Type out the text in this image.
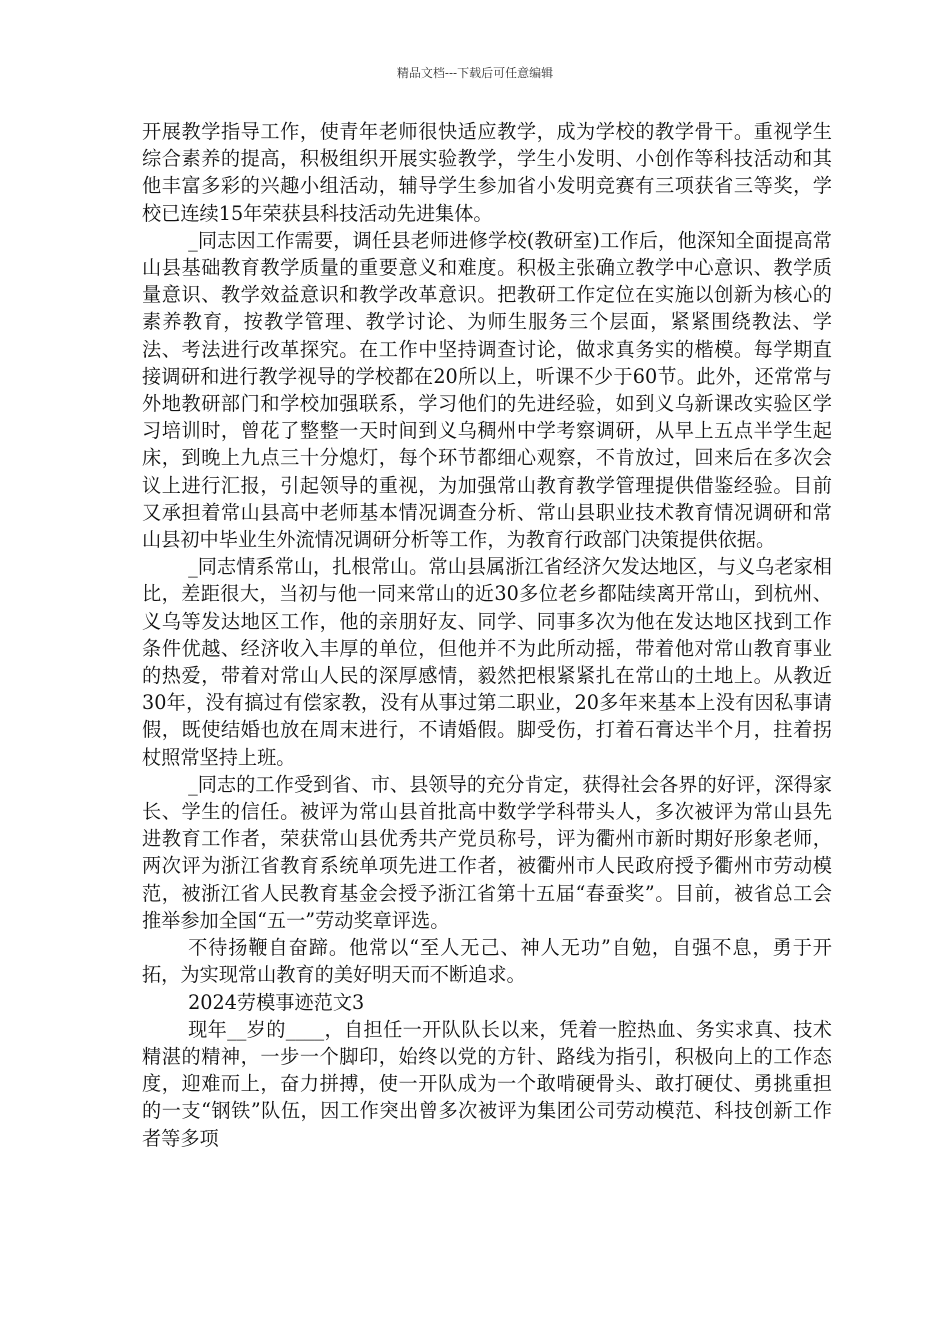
精品文档---下载后可任意编辑

开展教学指导工作，使青年老师很快适应教学，成为学校的教学骨干。重视学生综合素养的提高，积极组织开展实验教学，学生小发明、小创作等科技活动和其他丰富多彩的兴趣小组活动，辅导学生参加省小发明竞赛有三项获省三等奖，学校已连续15年荣获县科技活动先进集体。

_同志因工作需要，调任县老师进修学校(教研室)工作后，他深知全面提高常山县基础教育教学质量的重要意义和难度。积极主张确立教学中心意识、教学质量意识、教学效益意识和教学改革意识。把教研工作定位在实施以创新为核心的素养教育，按教学管理、教学讨论、为师生服务三个层面，紧紧围绕教法、学法、考法进行改革探究。在工作中坚持调查讨论，做求真务实的楷模。每学期直接调研和进行教学视导的学校都在20所以上，听课不少于60节。此外，还常常与外地教研部门和学校加强联系，学习他们的先进经验，如到义乌新课改实验区学习培训时，曾花了整整一天时间到义乌稠州中学考察调研，从早上五点半学生起床，到晚上九点三十分熄灯，每个环节都细心观察，不肯放过，回来后在多次会议上进行汇报，引起领导的重视，为加强常山教育教学管理提供借鉴经验。目前又承担着常山县高中老师基本情况调查分析、常山县职业技术教育情况调研和常山县初中毕业生外流情况调研分析等工作，为教育行政部门决策提供依据。

_同志情系常山，扎根常山。常山县属浙江省经济欠发达地区，与义乌老家相比，差距很大，当初与他一同来常山的近30多位老乡都陆续离开常山，到杭州、义乌等发达地区工作，他的亲朋好友、同学、同事多次为他在发达地区找到工作条件优越、经济收入丰厚的单位，但他并不为此所动摇，带着他对常山教育事业的热爱，带着对常山人民的深厚感情，毅然把根紧紧扎在常山的土地上。从教近30年，没有搞过有偿家教，没有从事过第二职业，20多年来基本上没有因私事请假，既使结婚也放在周末进行，不请婚假。脚受伤，打着石膏达半个月，拄着拐杖照常坚持上班。

_同志的工作受到省、市、县领导的充分肯定，获得社会各界的好评，深得家长、学生的信任。被评为常山县首批高中数学学科带头人，多次被评为常山县先进教育工作者，荣获常山县优秀共产党员称号，评为衢州市新时期好形象老师，两次评为浙江省教育系统单项先进工作者，被衢州市人民政府授予衢州市劳动模范，被浙江省人民教育基金会授予浙江省第十五届“春蚕奖”。目前，被省总工会推举参加全国“五一”劳动奖章评选。

不待扬鞭自奋蹄。他常以“至人无己、神人无功”自勉，自强不息，勇于开拓，为实现常山教育的美好明天而不断追求。

2024劳模事迹范文3

现年__岁的____，自担任一开队队长以来，凭着一腔热血、务实求真、技术精湛的精神，一步一个脚印，始终以党的方针、路线为指引，积极向上的工作态度，迎难而上，奋力拼搏，使一开队成为一个敢啃硬骨头、敢打硬仗、勇挑重担的一支“钢铁”队伍，因工作突出曾多次被评为集团公司劳动模范、科技创新工作者等多项
